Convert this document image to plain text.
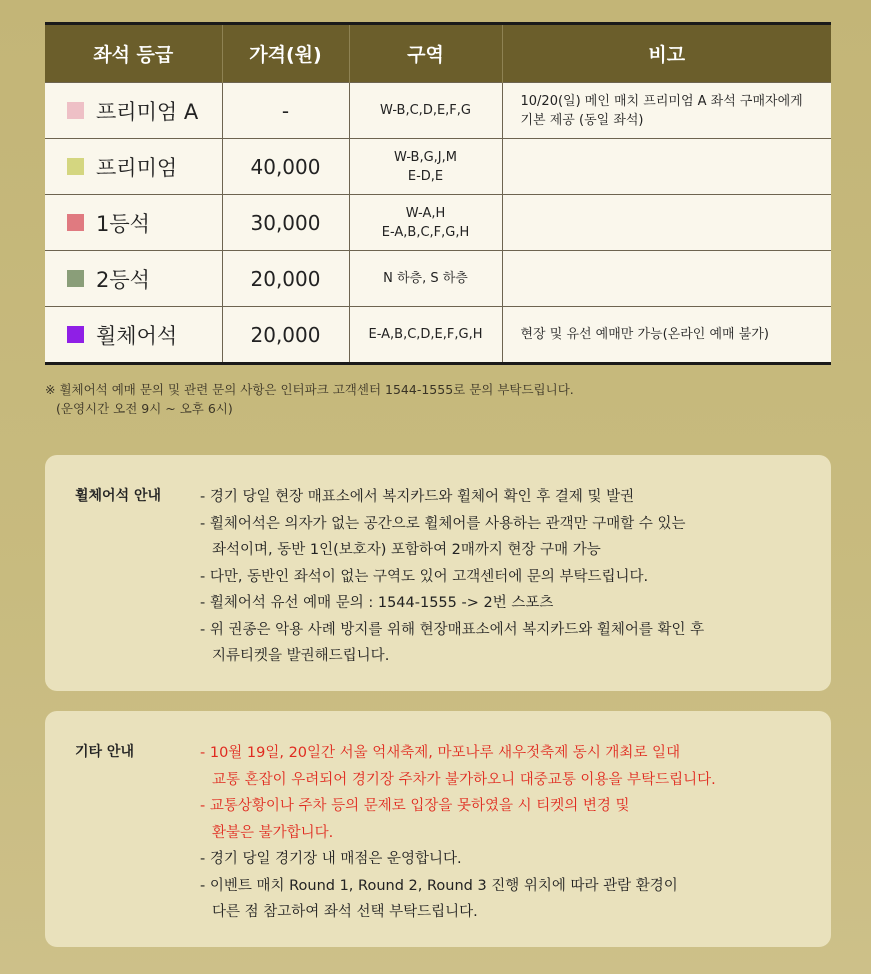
좌석 등급	가격(원)	구역	비고

프리미엄 A	-	W-B,C,D,E,F,G	10/20(일) 메인 매치 프리미엄 A 좌석 구매자에게
기본 제공 (동일 좌석)

프리미엄	40,000	W-B,G,J,M
E-D,E	

1등석	30,000	W-A,H
E-A,B,C,F,G,H	

2등석	20,000	N 하층, S 하층	

휠체어석	20,000	E-A,B,C,D,E,F,G,H	현장 및 유선 예매만 가능(온라인 예매 불가)
※ 휠체어석 예매 문의 및 관련 문의 사항은 인터파크 고객센터 1544-1555로 문의 부탁드립니다.
(운영시간 오전 9시 ~ 오후 6시)
휠체어석 안내	- 경기 당일 현장 매표소에서 복지카드와 휠체어 확인 후 결제 및 발권
- 휠체어석은 의자가 없는 공간으로 휠체어를 사용하는 관객만 구매할 수 있는
좌석이며, 동반 1인(보호자) 포함하여 2매까지 현장 구매 가능
- 다만, 동반인 좌석이 없는 구역도 있어 고객센터에 문의 부탁드립니다.
- 휠체어석 유선 예매 문의 : 1544-1555 -> 2번 스포츠
- 위 권종은 악용 사례 방지를 위해 현장매표소에서 복지카드와 휠체어를 확인 후
지류티켓을 발권해드립니다.
기타 안내	- 10월 19일, 20일간 서울 억새축제, 마포나루 새우젓축제 동시 개최로 일대
교통 혼잡이 우려되어 경기장 주차가 불가하오니 대중교통 이용을 부탁드립니다.
- 교통상황이나 주차 등의 문제로 입장을 못하였을 시 티켓의 변경 및
환불은 불가합니다.
- 경기 당일 경기장 내 매점은 운영합니다.
- 이벤트 매치 Round 1, Round 2, Round 3 진행 위치에 따라 관람 환경이
다른 점 참고하여 좌석 선택 부탁드립니다.
